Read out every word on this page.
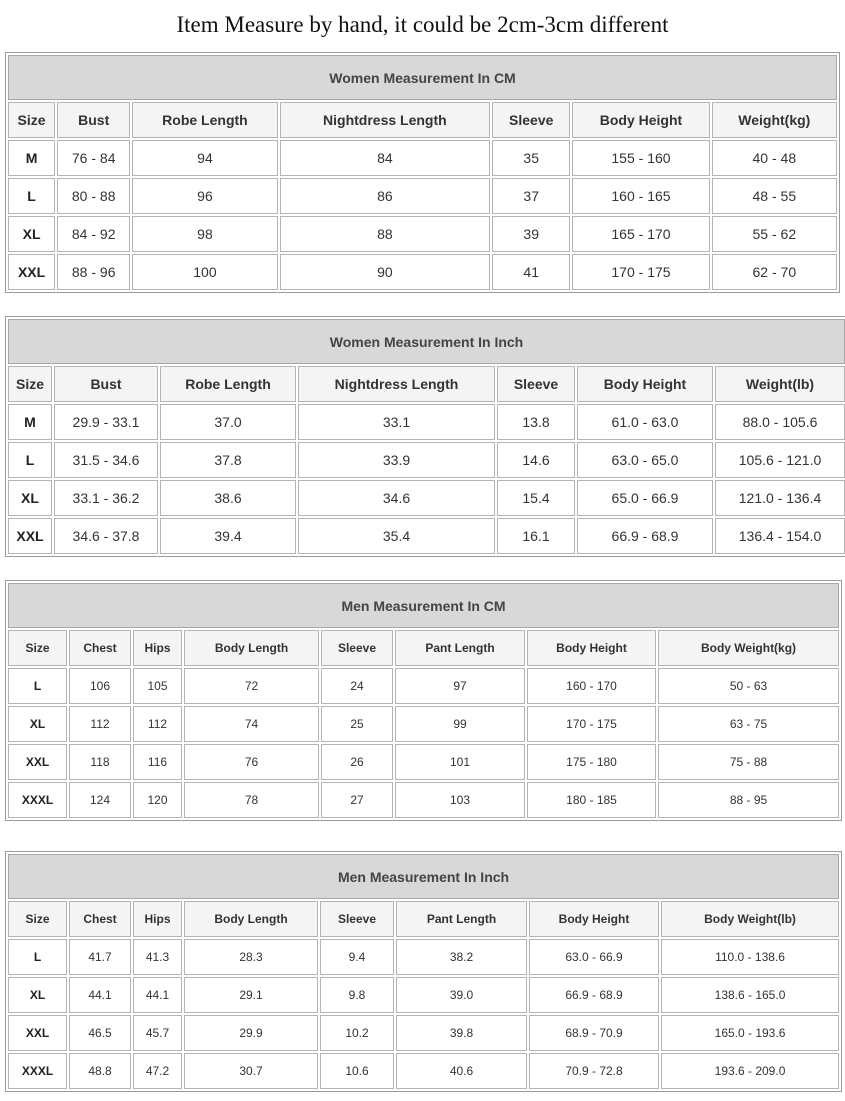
Item Measure by hand, it could be 2cm-3cm different
Women Measurement In CM						
Size	Bust	Robe Length	Nightdress Length	Sleeve	Body Height	Weight(kg)
M	76 - 84	94	84	35	155 - 160	40 - 48
L	80 - 88	96	86	37	160 - 165	48 - 55
XL	84 - 92	98	88	39	165 - 170	55 - 62
XXL	88 - 96	100	90	41	170 - 175	62 - 70
Women Measurement In Inch						
Size	Bust	Robe Length	Nightdress Length	Sleeve	Body Height	Weight(lb)
M	29.9 - 33.1	37.0	33.1	13.8	61.0 - 63.0	88.0 - 105.6
L	31.5 - 34.6	37.8	33.9	14.6	63.0 - 65.0	105.6 - 121.0
XL	33.1 - 36.2	38.6	34.6	15.4	65.0 - 66.9	121.0 - 136.4
XXL	34.6 - 37.8	39.4	35.4	16.1	66.9 - 68.9	136.4 - 154.0
Men Measurement In CM							
Size	Chest	Hips	Body Length	Sleeve	Pant Length	Body Height	Body Weight(kg)
L	106	105	72	24	97	160 - 170	50 - 63
XL	112	112	74	25	99	170 - 175	63 - 75
XXL	118	116	76	26	101	175 - 180	75 - 88
XXXL	124	120	78	27	103	180 - 185	88 - 95
Men Measurement In Inch							
Size	Chest	Hips	Body Length	Sleeve	Pant Length	Body Height	Body Weight(lb)
L	41.7	41.3	28.3	9.4	38.2	63.0 - 66.9	110.0 - 138.6
XL	44.1	44.1	29.1	9.8	39.0	66.9 - 68.9	138.6 - 165.0
XXL	46.5	45.7	29.9	10.2	39.8	68.9 - 70.9	165.0 - 193.6
XXXL	48.8	47.2	30.7	10.6	40.6	70.9 - 72.8	193.6 - 209.0
